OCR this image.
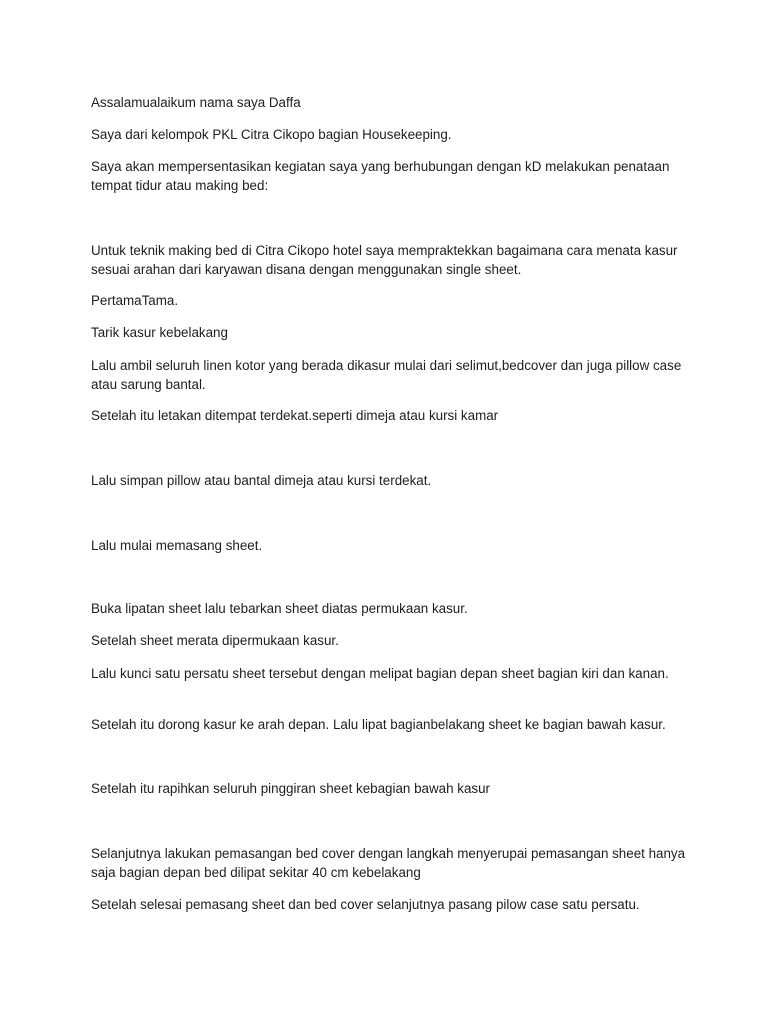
Assalamualaikum nama saya Daffa

Saya dari kelompok PKL Citra Cikopo bagian Housekeeping.

Saya akan mempersentasikan kegiatan saya yang berhubungan dengan kD melakukan penataan tempat tidur atau making bed:

Untuk teknik making bed di Citra Cikopo hotel saya mempraktekkan bagaimana cara menata kasur sesuai arahan dari karyawan disana dengan menggunakan single sheet.

PertamaTama.

Tarik kasur kebelakang

Lalu ambil seluruh linen kotor yang berada dikasur mulai dari selimut,bedcover dan juga pillow case atau sarung bantal.

Setelah itu letakan ditempat terdekat.seperti dimeja atau kursi kamar

Lalu simpan pillow atau bantal dimeja atau kursi terdekat.

Lalu mulai memasang sheet.

Buka lipatan sheet lalu tebarkan sheet diatas permukaan kasur.

Setelah sheet merata dipermukaan kasur.

Lalu kunci satu persatu sheet tersebut dengan melipat bagian depan sheet bagian kiri dan kanan.

Setelah itu dorong kasur ke arah depan. Lalu lipat bagianbelakang sheet ke bagian bawah kasur.

Setelah itu rapihkan seluruh pinggiran sheet kebagian bawah kasur

Selanjutnya lakukan pemasangan bed cover dengan langkah menyerupai pemasangan sheet hanya saja bagian depan bed dilipat sekitar 40 cm kebelakang

Setelah selesai pemasang sheet dan bed cover selanjutnya pasang pilow case satu persatu.
